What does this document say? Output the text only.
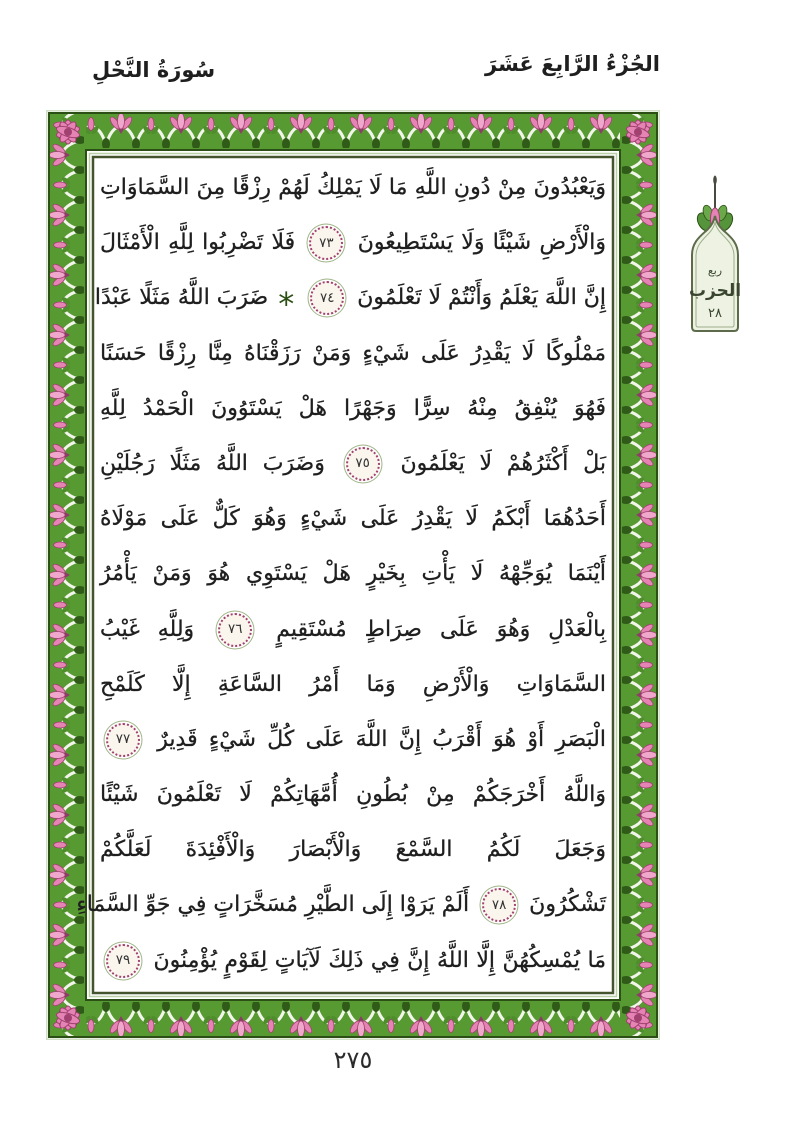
الجُزْءُ الرَّابِعَ عَشَرَ
سُورَةُ النَّحْلِ
وَيَعْبُدُونَ مِنْ دُونِ اللَّهِ مَا لَا يَمْلِكُ لَهُمْ رِزْقًا مِنَ السَّمَاوَاتِ
وَالْأَرْضِ شَيْئًا وَلَا يَسْتَطِيعُونَ ٧٣ فَلَا تَضْرِبُوا لِلَّهِ الْأَمْثَالَ
إِنَّ اللَّهَ يَعْلَمُ وَأَنْتُمْ لَا تَعْلَمُونَ ٧٤ * ضَرَبَ اللَّهُ مَثَلًا عَبْدًا
مَمْلُوكًا لَا يَقْدِرُ عَلَى شَيْءٍ وَمَنْ رَزَقْنَاهُ مِنَّا رِزْقًا حَسَنًا
فَهُوَ يُنْفِقُ مِنْهُ سِرًّا وَجَهْرًا هَلْ يَسْتَوُونَ الْحَمْدُ لِلَّهِ
بَلْ أَكْثَرُهُمْ لَا يَعْلَمُونَ ٧٥ وَضَرَبَ اللَّهُ مَثَلًا رَجُلَيْنِ
أَحَدُهُمَا أَبْكَمُ لَا يَقْدِرُ عَلَى شَيْءٍ وَهُوَ كَلٌّ عَلَى مَوْلَاهُ
أَيْنَمَا يُوَجِّهْهُ لَا يَأْتِ بِخَيْرٍ هَلْ يَسْتَوِي هُوَ وَمَنْ يَأْمُرُ
بِالْعَدْلِ وَهُوَ عَلَى صِرَاطٍ مُسْتَقِيمٍ ٧٦ وَلِلَّهِ غَيْبُ
السَّمَاوَاتِ وَالْأَرْضِ وَمَا أَمْرُ السَّاعَةِ إِلَّا كَلَمْحِ
الْبَصَرِ أَوْ هُوَ أَقْرَبُ إِنَّ اللَّهَ عَلَى كُلِّ شَيْءٍ قَدِيرٌ ٧٧
وَاللَّهُ أَخْرَجَكُمْ مِنْ بُطُونِ أُمَّهَاتِكُمْ لَا تَعْلَمُونَ شَيْئًا
وَجَعَلَ لَكُمُ السَّمْعَ وَالْأَبْصَارَ وَالْأَفْئِدَةَ لَعَلَّكُمْ
تَشْكُرُونَ ٧٨ أَلَمْ يَرَوْا إِلَى الطَّيْرِ مُسَخَّرَاتٍ فِي جَوِّ السَّمَاءِ
مَا يُمْسِكُهُنَّ إِلَّا اللَّهُ إِنَّ فِي ذَلِكَ لَآيَاتٍ لِقَوْمٍ يُؤْمِنُونَ ٧٩
ربع
الحزب
٢٨
٢٧٥
